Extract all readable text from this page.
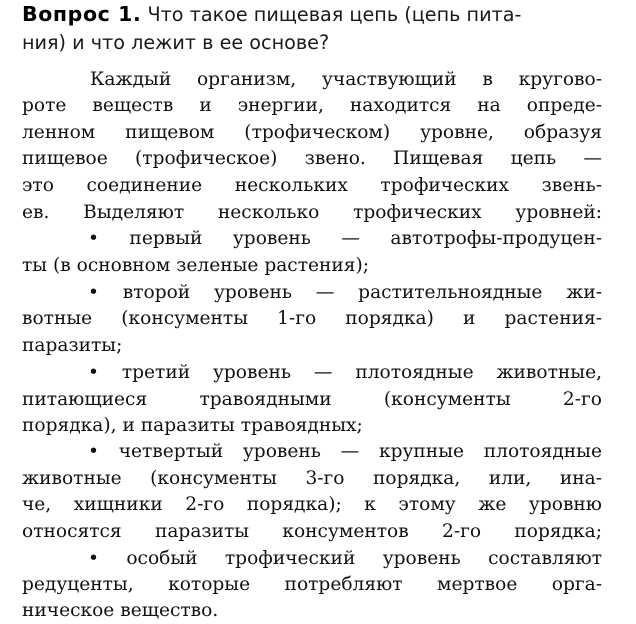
Вопрос 1. Что такое пищевая цепь (цепь пита-
ния) и что лежит в ее основе?
Каждый организм, участвующий в кругово-
роте веществ и энергии, находится на опреде-
ленном пищевом (трофическом) уровне, образуя
пищевое (трофическое) звено. Пищевая цепь —
это соединение нескольких трофических звень-
ев. Выделяют несколько трофических уровней:
• первый уровень — автотрофы-продуцен-
ты (в основном зеленые растения);
• второй уровень — растительноядные жи-
вотные (консументы 1-го порядка) и растения-
паразиты;
• третий уровень — плотоядные животные,
питающиеся травоядными (консументы 2-го
порядка), и паразиты травоядных;
• четвертый уровень — крупные плотоядные
животные (консументы 3-го порядка, или, ина-
че, хищники 2-го порядка); к этому же уровню
относятся паразиты консументов 2-го порядка;
• особый трофический уровень составляют
редуценты, которые потребляют мертвое орга-
ническое вещество.
